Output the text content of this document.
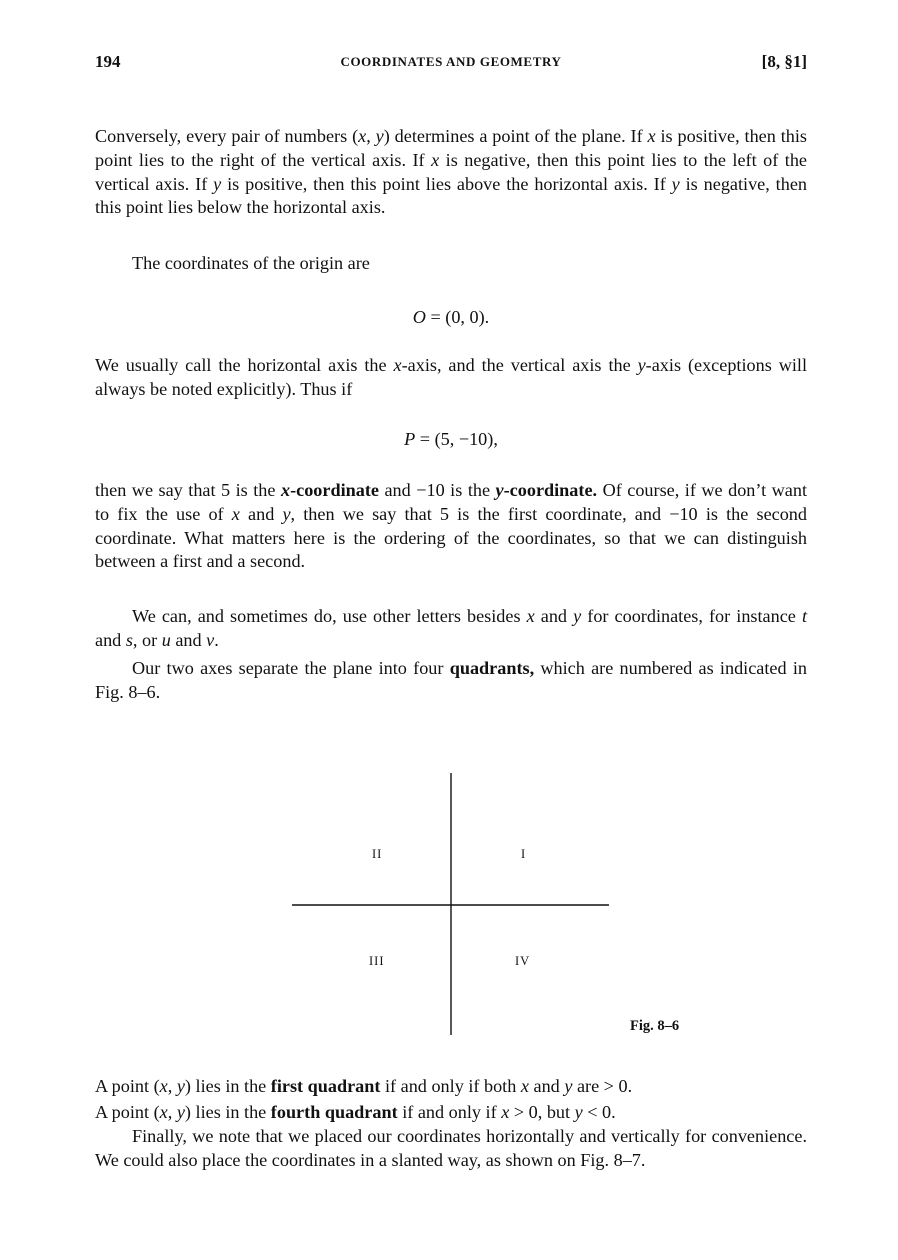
194	COORDINATES AND GEOMETRY	[8, §1]

Conversely, every pair of numbers (x, y) determines a point of the plane. If x is positive, then this point lies to the right of the vertical axis. If x is negative, then this point lies to the left of the vertical axis. If y is positive, then this point lies above the horizontal axis. If y is negative, then this point lies below the horizontal axis.

The coordinates of the origin are

O = (0, 0).

We usually call the horizontal axis the x-axis, and the vertical axis the y-axis (exceptions will always be noted explicitly). Thus if

P = (5, −10),

then we say that 5 is the x-coordinate and −10 is the y-coordinate. Of course, if we don’t want to fix the use of x and y, then we say that 5 is the first coordinate, and −10 is the second coordinate. What matters here is the ordering of the coordinates, so that we can distinguish between a first and a second.

We can, and sometimes do, use other letters besides x and y for coordinates, for instance t and s, or u and v.

Our two axes separate the plane into four quadrants, which are numbered as indicated in Fig. 8–6.

II	I
III	IV
Fig. 8–6

A point (x, y) lies in the first quadrant if and only if both x and y are > 0.

A point (x, y) lies in the fourth quadrant if and only if x > 0, but y < 0.

Finally, we note that we placed our coordinates horizontally and vertically for convenience. We could also place the coordinates in a slanted way, as shown on Fig. 8–7.
